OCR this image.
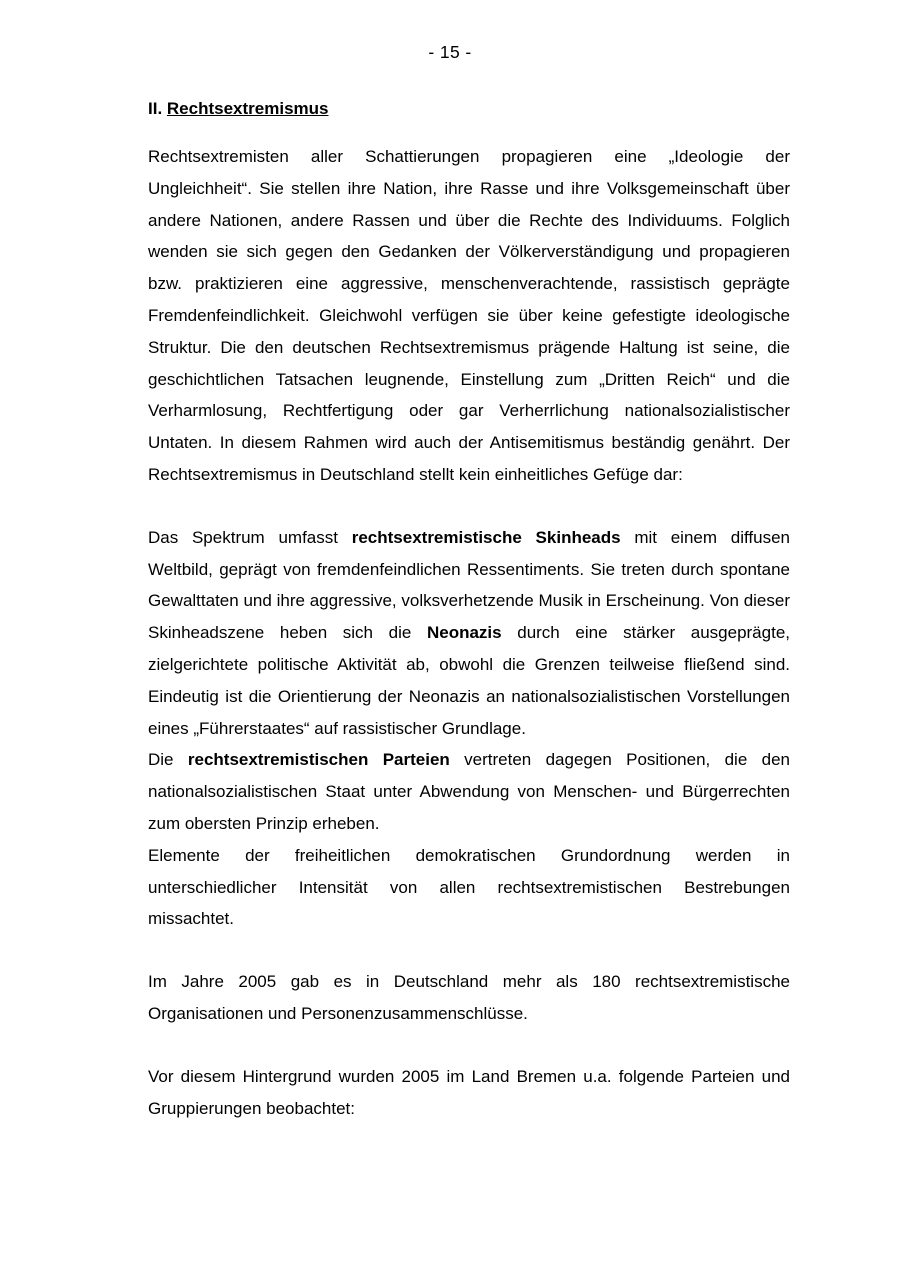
- 15 -
II. Rechtsextremismus

Rechtsextremisten aller Schattierungen propagieren eine „Ideologie der Ungleichheit“. Sie stellen ihre Nation, ihre Rasse und ihre Volksgemeinschaft über andere Nationen, andere Rassen und über die Rechte des Individuums. Folglich wenden sie sich gegen den Gedanken der Völkerverständigung und propagieren bzw. praktizieren eine aggressive, menschenverachtende, rassistisch geprägte Fremdenfeindlichkeit. Gleichwohl verfügen sie über keine gefestigte ideologische Struktur. Die den deutschen Rechtsextremismus prägende Haltung ist seine, die geschichtlichen Tatsachen leugnende, Einstellung zum „Dritten Reich“ und die Verharmlosung, Rechtfertigung oder gar Verherrlichung nationalsozialistischer Untaten. In diesem Rahmen wird auch der Antisemitismus beständig genährt. Der Rechtsextremismus in Deutschland stellt kein einheitliches Gefüge dar:

Das Spektrum umfasst rechtsextremistische Skinheads mit einem diffusen Weltbild, geprägt von fremdenfeindlichen Ressentiments. Sie treten durch spontane Gewalttaten und ihre aggressive, volksverhetzende Musik in Erscheinung. Von dieser Skinheadszene heben sich die Neonazis durch eine stärker ausgeprägte, zielgerichtete politische Aktivität ab, obwohl die Grenzen teilweise fließend sind. Eindeutig ist die Orientierung der Neonazis an nationalsozialistischen Vorstellungen eines „Führerstaates“ auf rassistischer Grundlage.

Die rechtsextremistischen Parteien vertreten dagegen Positionen, die den nationalsozialistischen Staat unter Abwendung von Menschen- und Bürgerrechten zum obersten Prinzip erheben.

Elemente der freiheitlichen demokratischen Grundordnung werden in unterschiedlicher Intensität von allen rechtsextremistischen Bestrebungen missachtet.

Im Jahre 2005 gab es in Deutschland mehr als 180 rechtsextremistische Organisationen und Personenzusammenschlüsse.

Vor diesem Hintergrund wurden 2005 im Land Bremen u.a. folgende Parteien und Gruppierungen beobachtet:
